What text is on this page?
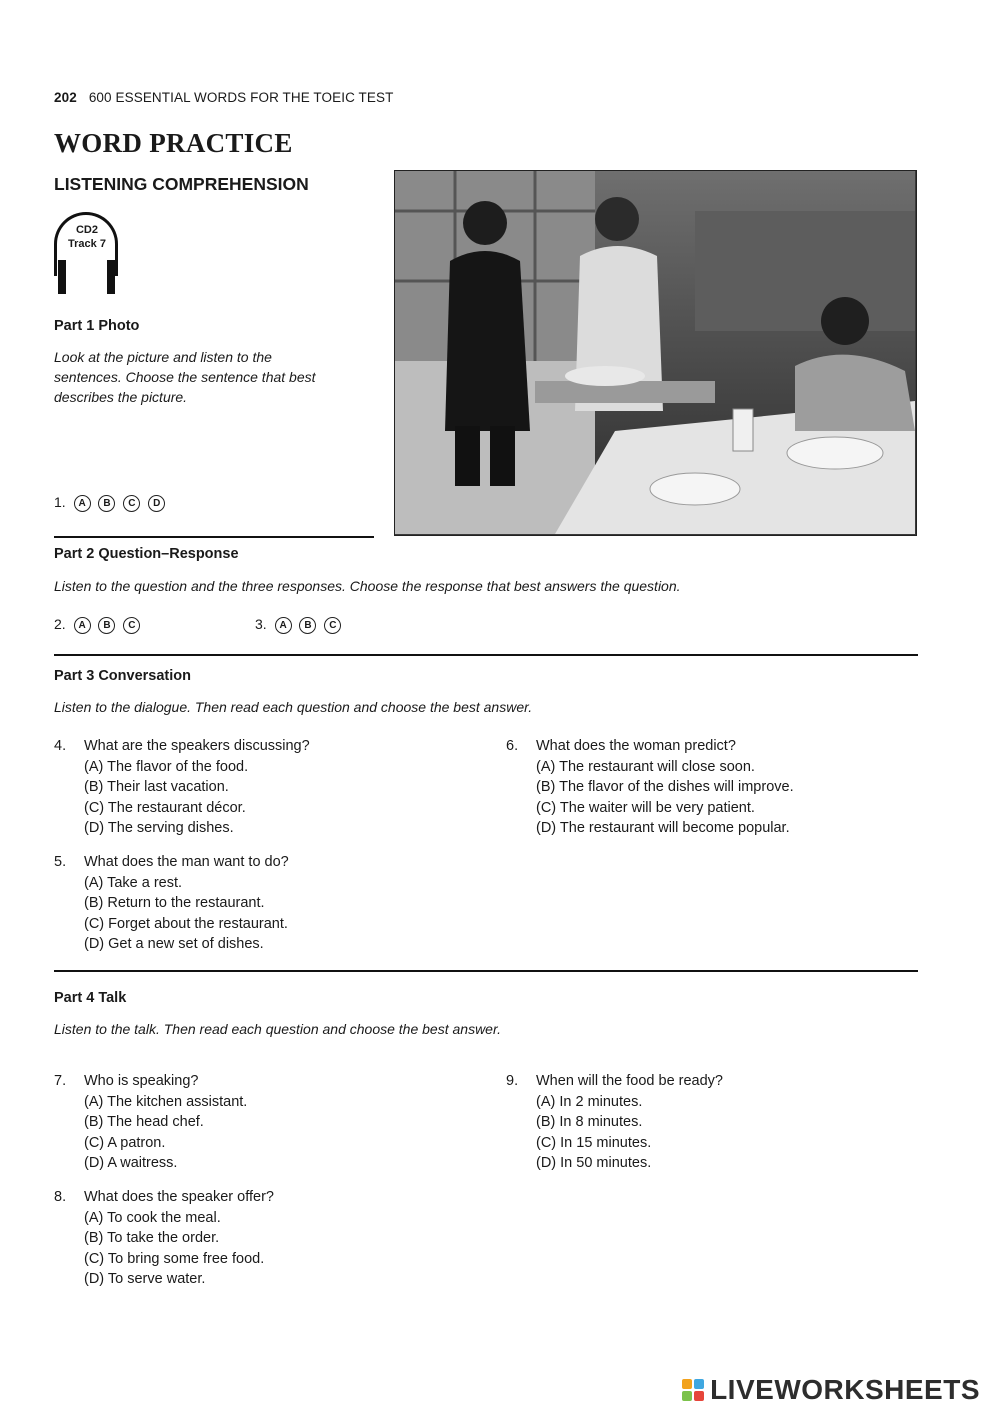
202 600 ESSENTIAL WORDS FOR THE TOEIC TEST
WORD PRACTICE
LISTENING COMPREHENSION
CD2
Track 7
Part 1 Photo
Look at the picture and listen to the sentences. Choose the sentence that best describes the picture.
1. A B C D
Part 2 Question–Response
Listen to the question and the three responses. Choose the response that best answers the question.
2. A B C	3. A B C
Part 3 Conversation
Listen to the dialogue. Then read each question and choose the best answer.
4.	What are the speakers discussing?
(A) The flavor of the food.
(B) Their last vacation.
(C) The restaurant décor.
(D) The serving dishes.
5.	What does the man want to do?
(A) Take a rest.
(B) Return to the restaurant.
(C) Forget about the restaurant.
(D) Get a new set of dishes.
6.	What does the woman predict?
(A) The restaurant will close soon.
(B) The flavor of the dishes will improve.
(C) The waiter will be very patient.
(D) The restaurant will become popular.
Part 4 Talk
Listen to the talk. Then read each question and choose the best answer.
7.	Who is speaking?
(A) The kitchen assistant.
(B) The head chef.
(C) A patron.
(D) A waitress.
8.	What does the speaker offer?
(A) To cook the meal.
(B) To take the order.
(C) To bring some free food.
(D) To serve water.
9.	When will the food be ready?
(A) In 2 minutes.
(B) In 8 minutes.
(C) In 15 minutes.
(D) In 50 minutes.
LIVEWORKSHEETS
